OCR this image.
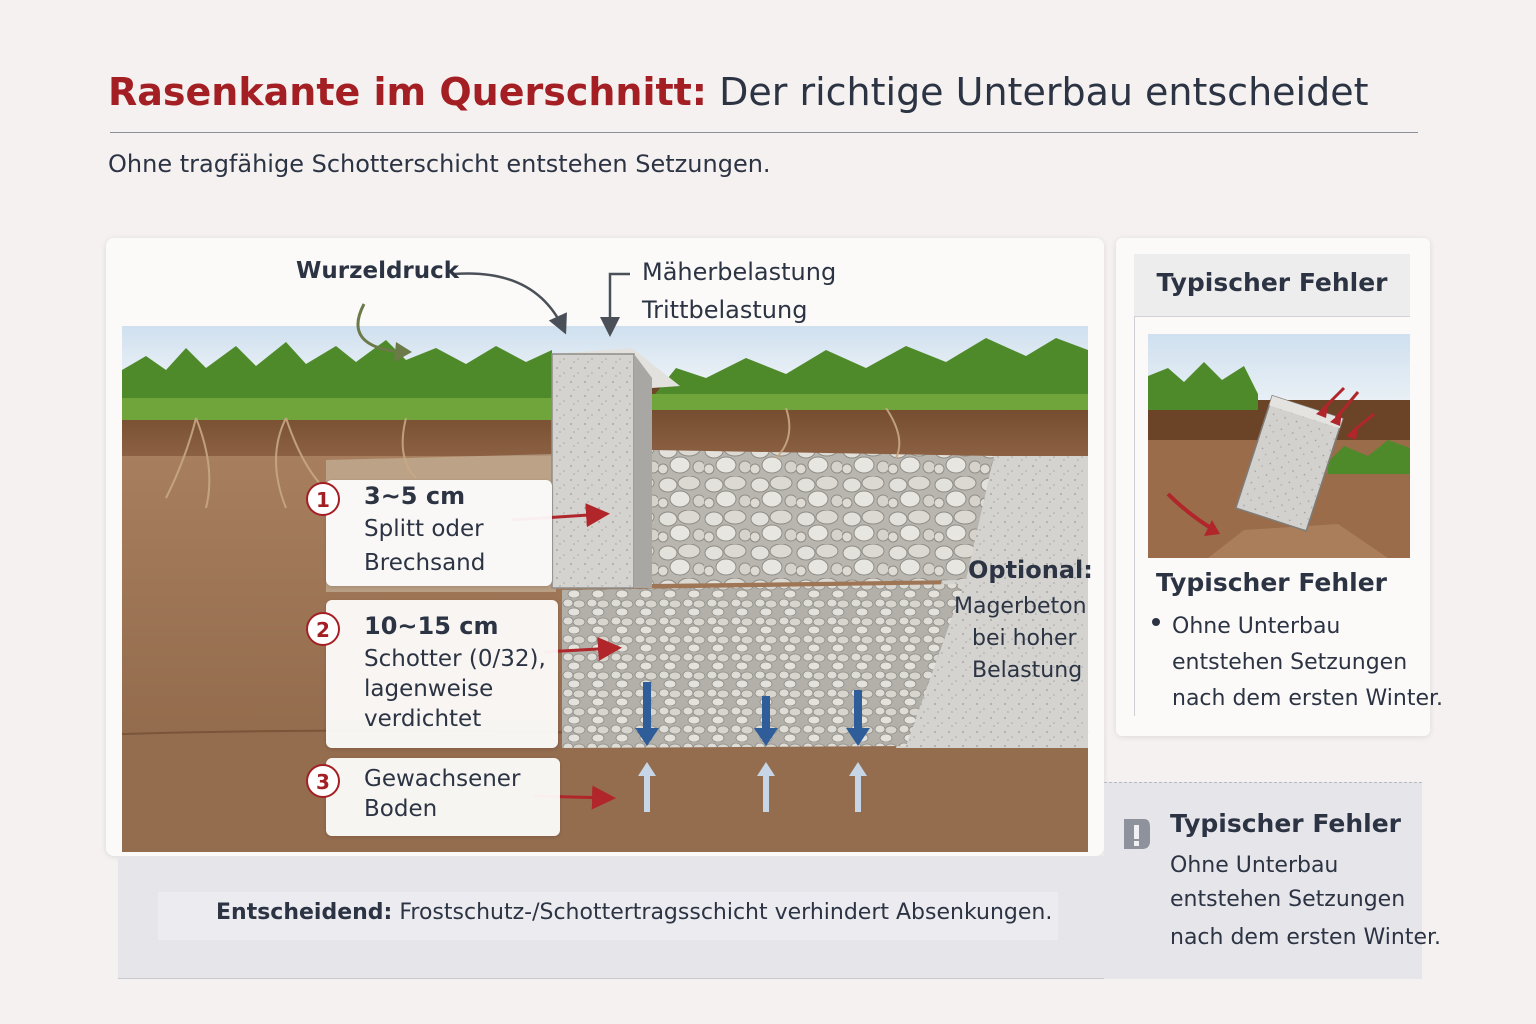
Rasenkante im Querschnitt: Der richtige Unterbau entscheidet
Ohne tragfähige Schotterschicht entstehen Setzungen.
Wurzeldruck	Mäherbelastung
Trittbelastung
1	3~5 cm
Splitt oder
Brechsand
2	10~15 cm
Schotter (0/32),
lagenweise
verdichtet
3	Gewachsener
Boden
Optional:
Magerbeton
bei hoher
Belastung
Entscheidend: Frostschutz-/Schottertragsschicht verhindert Absenkungen.
Typischer Fehler
Typischer Fehler
Ohne Unterbau
entstehen Setzungen
nach dem ersten Winter.
Typischer Fehler
Ohne Unterbau
entstehen Setzungen
nach dem ersten Winter.
